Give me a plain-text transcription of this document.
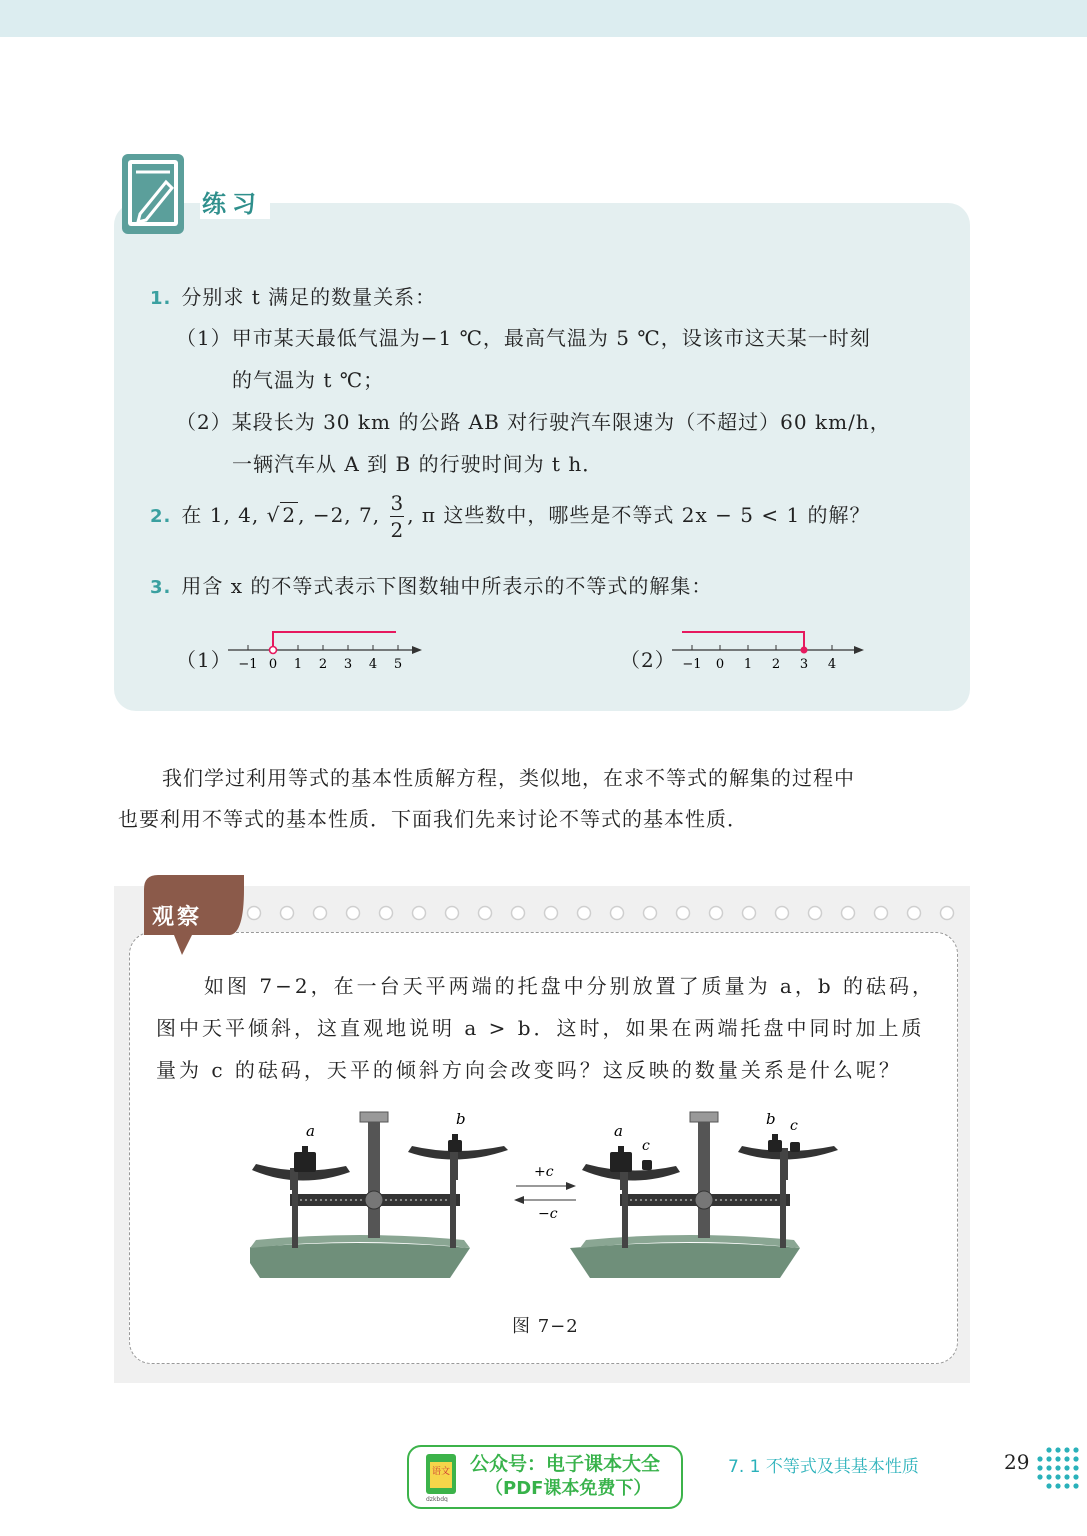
练习
1. 分别求 t 满足的数量关系：
（1）甲市某天最低气温为−1 ℃，最高气温为 5 ℃，设该市这天某一时刻
的气温为 t ℃；
（2）某段长为 30 km 的公路 AB 对行驶汽车限速为（不超过）60 km/h，
一辆汽车从 A 到 B 的行驶时间为 t h．
2. 在 1, 4, √ 2 , −2, 7, $\frac{3}{2}$ , π 这些数中，哪些是不等式 2x − 5 < 1 的解？
3. 用含 x 的不等式表示下图数轴中所表示的不等式的解集：
（1） −1 0 1 2 3 4 5	（2） −1 0 1 2 3 4
我们学过利用等式的基本性质解方程，类似地，在求不等式的解集的过程中
也要利用不等式的基本性质．下面我们先来讨论不等式的基本性质．
观察
如图 7−2，在一台天平两端的托盘中分别放置了质量为 a，b 的砝码，
图中天平倾斜，这直观地说明 a > b．这时，如果在两端托盘中同时加上质
量为 c 的砝码，天平的倾斜方向会改变吗？这反映的数量关系是什么呢？
a
b
+c
−c
a
c
b c
图 7−2
语文
dzkbdq
公众号：电子课本大全
（PDF课本免费下）
7. 1 不等式及其基本性质	29
